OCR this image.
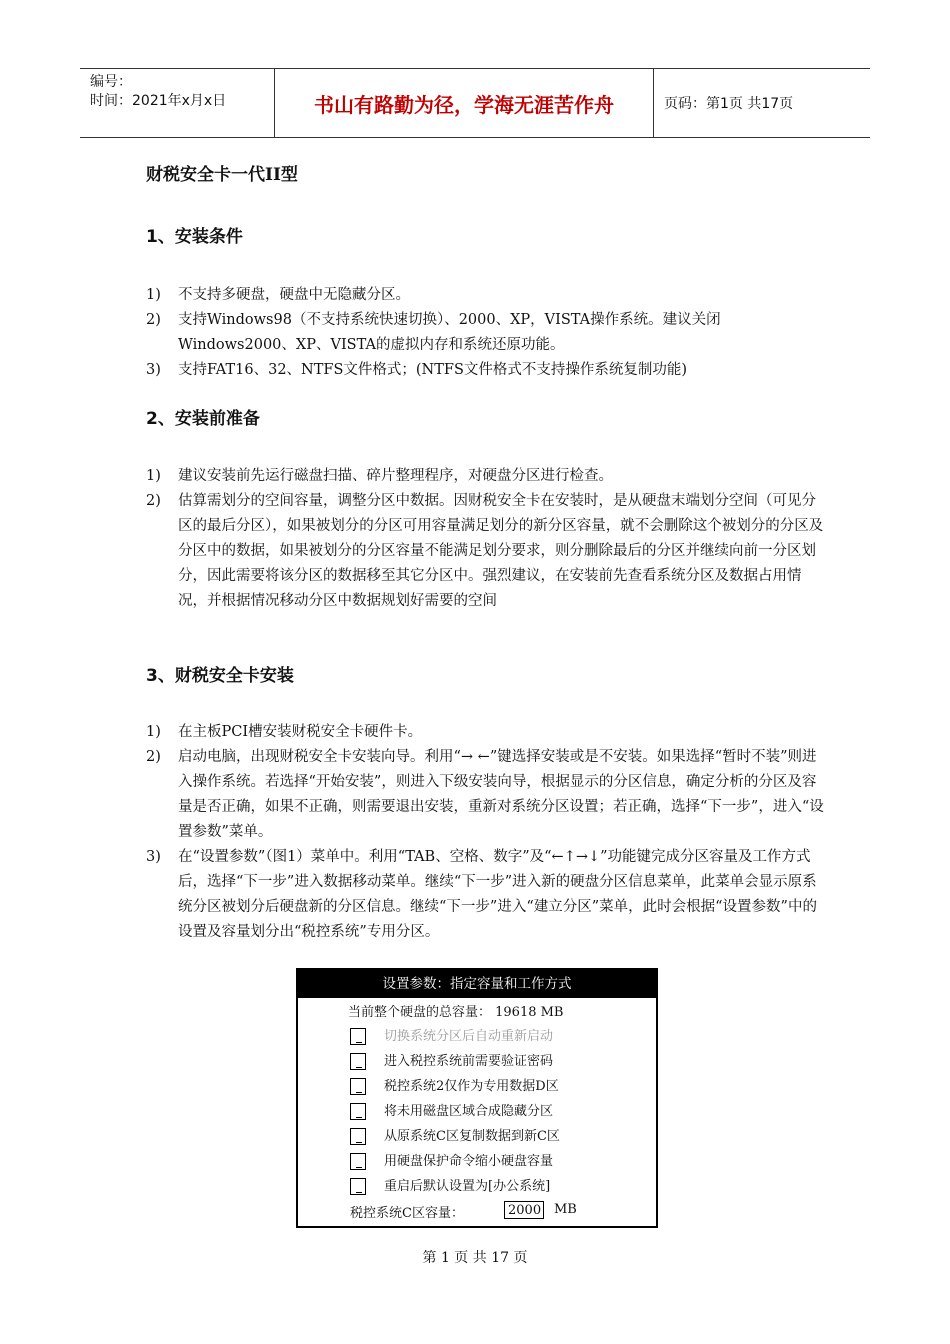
编号：
时间：2021年x月x日	书山有路勤为径，学海无涯苦作舟	页码：第1页 共17页
财税安全卡一代II型
1、安装条件
1) 不支持多硬盘，硬盘中无隐藏分区。
2) 支持Windows98（不支持系统快速切换）、2000、XP，VISTA操作系统。建议关闭Windows2000、XP、VISTA的虚拟内存和系统还原功能。
3) 支持FAT16、32、NTFS文件格式；(NTFS文件格式不支持操作系统复制功能)
2、安装前准备
1) 建议安装前先运行磁盘扫描、碎片整理程序，对硬盘分区进行检查。
2) 估算需划分的空间容量，调整分区中数据。因财税安全卡在安装时，是从硬盘末端划分空间（可见分区的最后分区），如果被划分的分区可用容量满足划分的新分区容量，就不会删除这个被划分的分区及分区中的数据，如果被划分的分区容量不能满足划分要求，则分删除最后的分区并继续向前一分区划分，因此需要将该分区的数据移至其它分区中。强烈建议，在安装前先查看系统分区及数据占用情况，并根据情况移动分区中数据规划好需要的空间
3、财税安全卡安装
1) 在主板PCI槽安装财税安全卡硬件卡。
2) 启动电脑，出现财税安全卡安装向导。利用“→ ←”键选择安装或是不安装。如果选择“暂时不装”则进入操作系统。若选择“开始安装”，则进入下级安装向导，根据显示的分区信息，确定分析的分区及容量是否正确，如果不正确，则需要退出安装，重新对系统分区设置；若正确，选择“下一步”，进入“设置参数”菜单。
3) 在“设置参数”（图1）菜单中。利用“TAB、空格、数字”及“←↑→↓”功能键完成分区容量及工作方式后，选择“下一步”进入数据移动菜单。继续“下一步”进入新的硬盘分区信息菜单，此菜单会显示原系统分区被划分后硬盘新的分区信息。继续“下一步”进入“建立分区”菜单，此时会根据“设置参数”中的设置及容量划分出“税控系统”专用分区。
设置参数：指定容量和工作方式
当前整个硬盘的总容量： 19618 MB
切换系统分区后自动重新启动
进入税控系统前需要验证密码
税控系统2仅作为专用数据D区
将未用磁盘区域合成隐藏分区
从原系统C区复制数据到新C区
用硬盘保护命令缩小硬盘容量
重启后默认设置为[办公系统]
税控系统C区容量：	2000 MB
第 1 页 共 17 页
